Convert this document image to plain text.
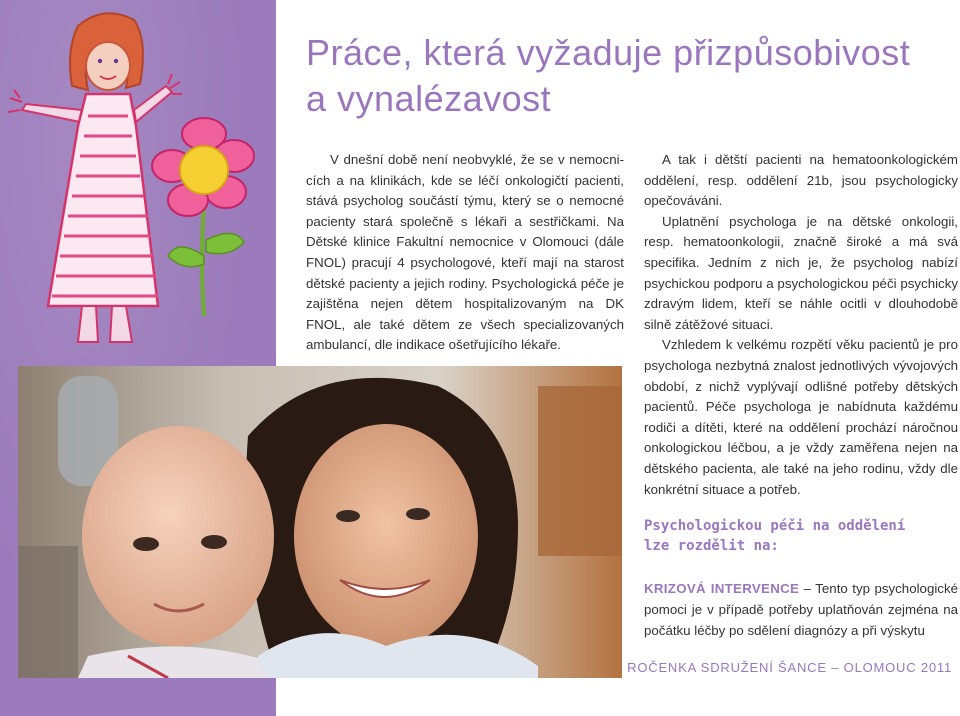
Práce, která vyžaduje přizpůsobivost
a vynalézavost

V dnešní době není neobvyklé, že se v nemocnicích a na klinikách, kde se léčí onkologičtí pacienti, stává psycholog součástí týmu, který se o nemocné pacienty stará společně s lékaři a sestřičkami. Na Dětské klinice Fakultní nemocnice v Olomouci (dále FNOL) pracují 4 psychologové, kteří mají na starost dětské pacienty a jejich rodiny. Psychologická péče je zajištěna nejen dětem hospitalizovaným na DK FNOL, ale také dětem ze všech specializovaných ambulancí, dle indikace ošetřujícího lékaře.

A tak i dětští pacienti na hematoonkologickém oddělení, resp. oddělení 21b, jsou psychologicky opečováváni.

Uplatnění psychologa je na dětské onkologii, resp. hematoonkologii, značně široké a má svá specifika. Jedním z nich je, že psycholog nabízí psychickou podporu a psychologickou péči psychicky zdravým lidem, kteří se náhle ocitli v dlouhodobě silně zátěžové situaci.

Vzhledem k velkému rozpětí věku pacientů je pro psychologa nezbytná znalost jednotlivých vývojových období, z nichž vyplývají odlišné potřeby dětských pacientů. Péče psychologa je nabídnuta každému rodiči a dítěti, které na oddělení prochází náročnou onkologickou léčbou, a je vždy zaměřena nejen na dětského pacienta, ale také na jeho rodinu, vždy dle konkrétní situace a potřeb.

Psychologickou péči na oddělení
lze rozdělit na:

KRIZOVÁ INTERVENCE – Tento typ psychologické pomoci je v případě potřeby uplatňován zejména na počátku léčby po sdělení diagnózy a při výskytu

ROČENKA SDRUŽENÍ ŠANCE – OLOMOUC 2011
